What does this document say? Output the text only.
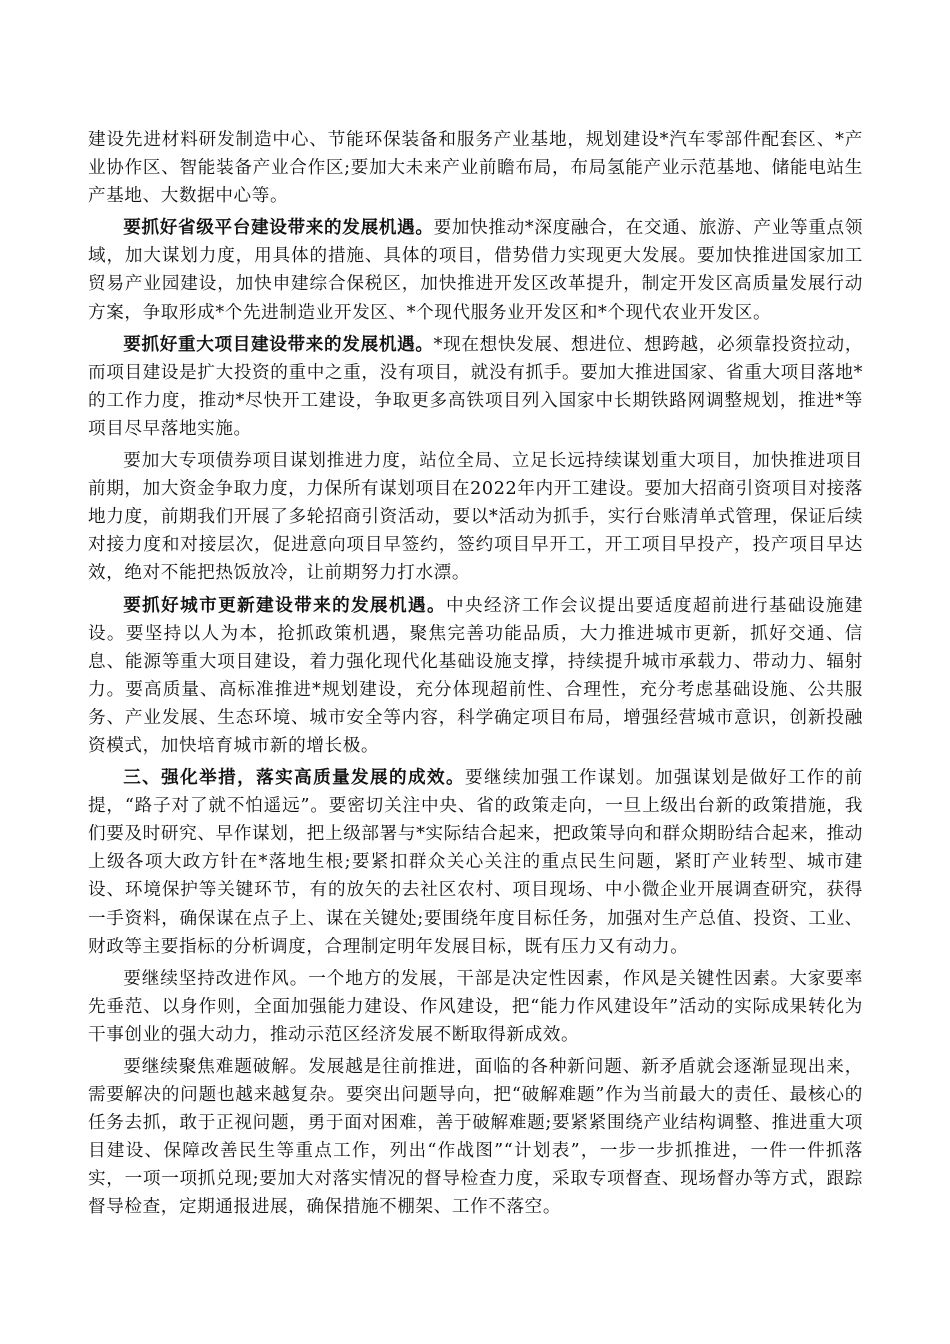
建设先进材料研发制造中心、节能环保装备和服务产业基地，规划建设*汽车零部件配套区、*产业协作区、智能装备产业合作区;要加大未来产业前瞻布局，布局氢能产业示范基地、储能电站生产基地、大数据中心等。

要抓好省级平台建设带来的发展机遇。要加快推动*深度融合，在交通、旅游、产业等重点领域，加大谋划力度，用具体的措施、具体的项目，借势借力实现更大发展。要加快推进国家加工贸易产业园建设，加快申建综合保税区，加快推进开发区改革提升，制定开发区高质量发展行动方案，争取形成*个先进制造业开发区、*个现代服务业开发区和*个现代农业开发区。

要抓好重大项目建设带来的发展机遇。*现在想快发展、想进位、想跨越，必须靠投资拉动，而项目建设是扩大投资的重中之重，没有项目，就没有抓手。要加大推进国家、省重大项目落地*的工作力度，推动*尽快开工建设，争取更多高铁项目列入国家中长期铁路网调整规划，推进*等项目尽早落地实施。

要加大专项债券项目谋划推进力度，站位全局、立足长远持续谋划重大项目，加快推进项目前期，加大资金争取力度，力保所有谋划项目在2022年内开工建设。要加大招商引资项目对接落地力度，前期我们开展了多轮招商引资活动，要以*活动为抓手，实行台账清单式管理，保证后续对接力度和对接层次，促进意向项目早签约，签约项目早开工，开工项目早投产，投产项目早达效，绝对不能把热饭放冷，让前期努力打水漂。

要抓好城市更新建设带来的发展机遇。中央经济工作会议提出要适度超前进行基础设施建设。要坚持以人为本，抢抓政策机遇，聚焦完善功能品质，大力推进城市更新，抓好交通、信息、能源等重大项目建设，着力强化现代化基础设施支撑，持续提升城市承载力、带动力、辐射力。要高质量、高标准推进*规划建设，充分体现超前性、合理性，充分考虑基础设施、公共服务、产业发展、生态环境、城市安全等内容，科学确定项目布局，增强经营城市意识，创新投融资模式，加快培育城市新的增长极。

三、强化举措，落实高质量发展的成效。要继续加强工作谋划。加强谋划是做好工作的前提，“路子对了就不怕遥远”。要密切关注中央、省的政策走向，一旦上级出台新的政策措施，我们要及时研究、早作谋划，把上级部署与*实际结合起来，把政策导向和群众期盼结合起来，推动上级各项大政方针在*落地生根;要紧扣群众关心关注的重点民生问题，紧盯产业转型、城市建设、环境保护等关键环节，有的放矢的去社区农村、项目现场、中小微企业开展调查研究，获得一手资料，确保谋在点子上、谋在关键处;要围绕年度目标任务，加强对生产总值、投资、工业、财政等主要指标的分析调度，合理制定明年发展目标，既有压力又有动力。

要继续坚持改进作风。一个地方的发展，干部是决定性因素，作风是关键性因素。大家要率先垂范、以身作则，全面加强能力建设、作风建设，把“能力作风建设年”活动的实际成果转化为干事创业的强大动力，推动示范区经济发展不断取得新成效。

要继续聚焦难题破解。发展越是往前推进，面临的各种新问题、新矛盾就会逐渐显现出来，需要解决的问题也越来越复杂。要突出问题导向，把“破解难题”作为当前最大的责任、最核心的任务去抓，敢于正视问题，勇于面对困难，善于破解难题;要紧紧围绕产业结构调整、推进重大项目建设、保障改善民生等重点工作，列出“作战图”“计划表”，一步一步抓推进，一件一件抓落实，一项一项抓兑现;要加大对落实情况的督导检查力度，采取专项督查、现场督办等方式，跟踪督导检查，定期通报进展，确保措施不棚架、工作不落空。
